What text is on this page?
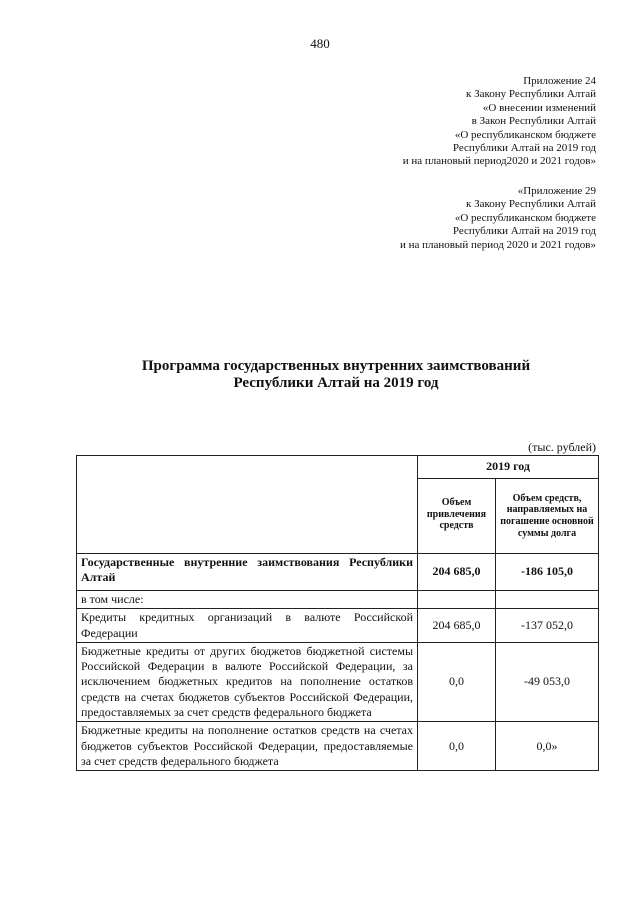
480
Приложение 24
к Закону Республики Алтай
«О внесении изменений
в Закон Республики Алтай
«О республиканском бюджете
Республики Алтай на 2019 год
и на плановый период2020 и 2021 годов»
«Приложение 29
к Закону Республики Алтай
«О республиканском бюджете
Республики Алтай на 2019 год
и на плановый период 2020 и 2021 годов»
Программа государственных внутренних заимствований
Республики Алтай на 2019 год
(тыс. рублей)
	2019 год	
	Объем привлечения средств	Объем средств, направляемых на погашение основной суммы долга
Государственные внутренние заимствования Республики Алтай	204 685,0	-186 105,0
в том числе:		
Кредиты кредитных организаций в валюте Российской Федерации	204 685,0	-137 052,0
Бюджетные кредиты от других бюджетов бюджетной системы Российской Федерации в валюте Российской Федерации, за исключением бюджетных кредитов на пополнение остатков средств на счетах бюджетов субъектов Российской Федерации, предоставляемых за счет средств федерального бюджета	0,0	-49 053,0
Бюджетные кредиты на пополнение остатков средств на счетах бюджетов субъектов Российской Федерации, предоставляемые за счет средств федерального бюджета	0,0	0,0»
